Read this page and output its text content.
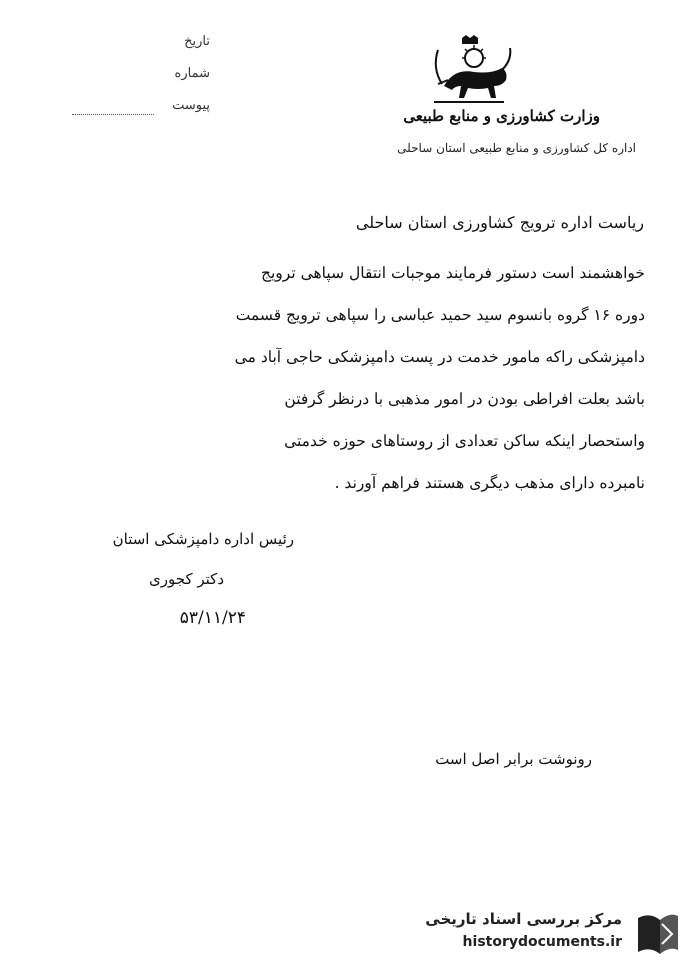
تاریخ
شماره
پیوست
وزارت کشاورزی و منابع طبیعی
اداره کل کشاورزی و منابع طبیعی استان ساحلی
ریاست اداره ترویج کشاورزی استان ساحلی
خواهشمند است دستور فرمایند موجبات انتقال سپاهی ترویج
دوره ۱۶ گروه بانسوم سید حمید عباسی را سپاهی ترویج قسمت
دامپزشکی راکه مامور خدمت در پست دامپزشکی حاجی آباد می
باشد بعلت افراطی بودن در امور مذهبی با درنظر گرفتن
واستحصار اینکه ساکن تعدادی از روستاهای حوزه خدمتی
نامبرده دارای مذهب دیگری هستند فراهم آورند .
رئیس اداره دامپزشکی استان
دکتر کجوری
۵۳/۱۱/۲۴
رونوشت برابر اصل است
مرکز بررسی اسناد تاریخی
historydocuments.ir
